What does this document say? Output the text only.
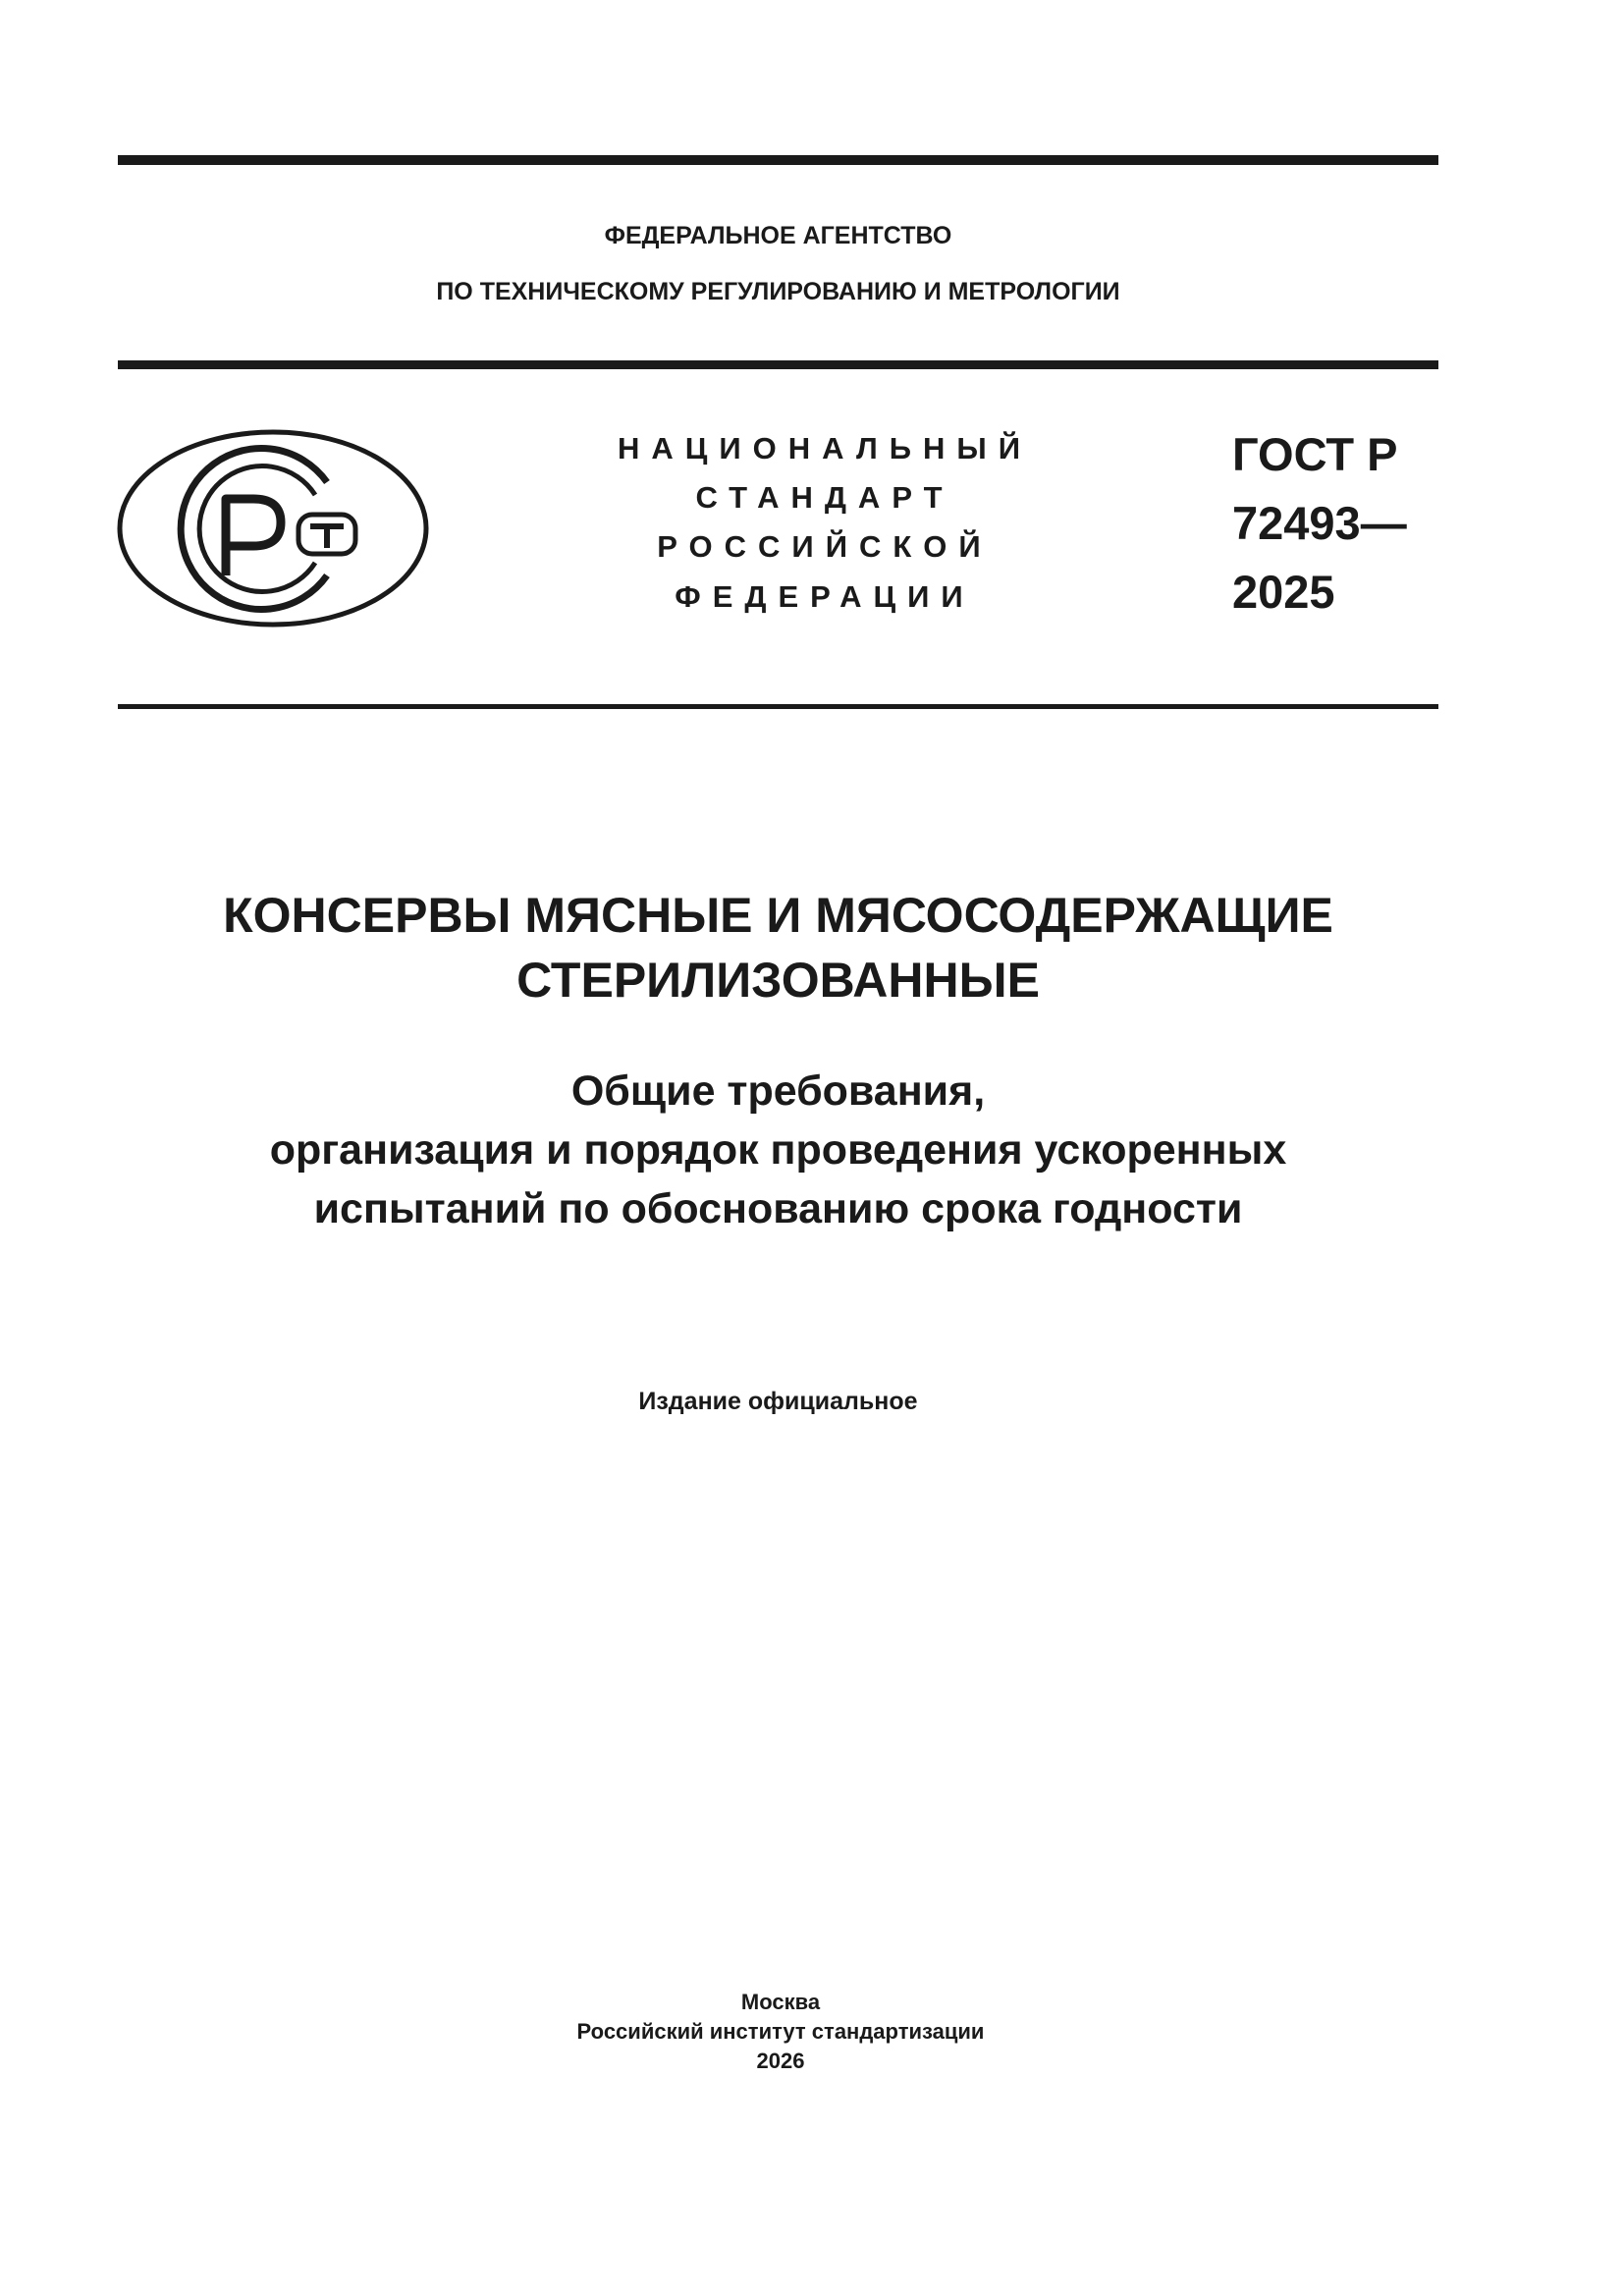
ФЕДЕРАЛЬНОЕ АГЕНТСТВО
ПО ТЕХНИЧЕСКОМУ РЕГУЛИРОВАНИЮ И МЕТРОЛОГИИ
НАЦИОНАЛЬНЫЙ
СТАНДАРТ
РОССИЙСКОЙ
ФЕДЕРАЦИИ
ГОСТ Р
72493—
2025
КОНСЕРВЫ МЯСНЫЕ И МЯСОСОДЕРЖАЩИЕ
СТЕРИЛИЗОВАННЫЕ
Общие требования,
организация и порядок проведения ускоренных
испытаний по обоснованию срока годности
Издание официальное
Москва
Российский институт стандартизации
2026
